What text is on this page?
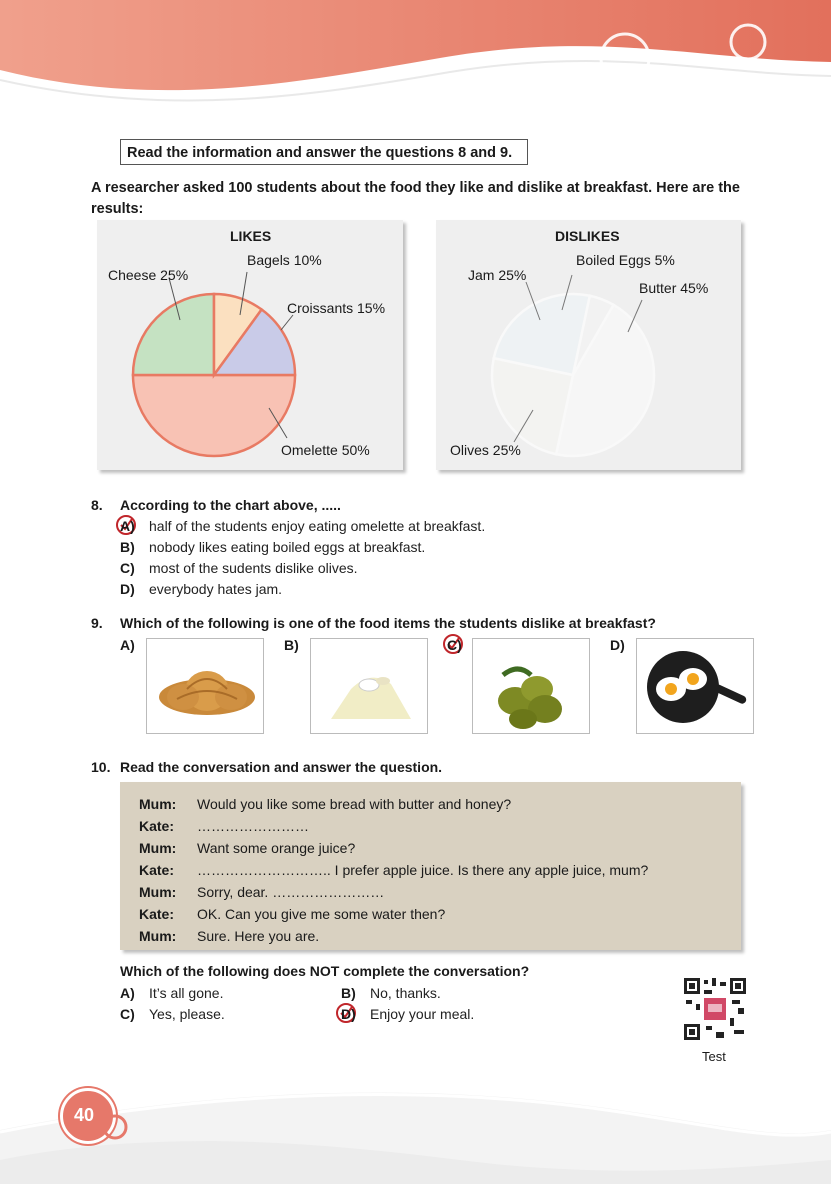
Read the information and answer the questions 8 and 9.
A researcher asked 100 students about the food they like and dislike at breakfast. Here are the results:
LIKES
Cheese 25%
Bagels 10%
Croissants 15%
Omelette 50%
DISLIKES
Jam 25%
Boiled Eggs 5%
Butter 45%
Olives 25%
8. According to the chart above, .....
A) half of the students enjoy eating omelette at breakfast.
B) nobody likes eating boiled eggs at breakfast.
C) most of the sudents dislike olives.
D) everybody hates jam.
9. Which of the following is one of the food items the students dislike at breakfast?
A)	B)	C)	D)
10. Read the conversation and answer the question.
Mum: Would you like some bread with butter and honey?
Kate: ……………………
Mum: Want some orange juice?
Kate: ……………………….. I prefer apple juice. Is there any apple juice, mum?
Mum: Sorry, dear. ……………………
Kate: OK. Can you give me some water then?
Mum: Sure. Here you are.
Which of the following does NOT complete the conversation?
A) It’s all gone.	B) No, thanks.
C) Yes, please.	D) Enjoy your meal.
Test
40
